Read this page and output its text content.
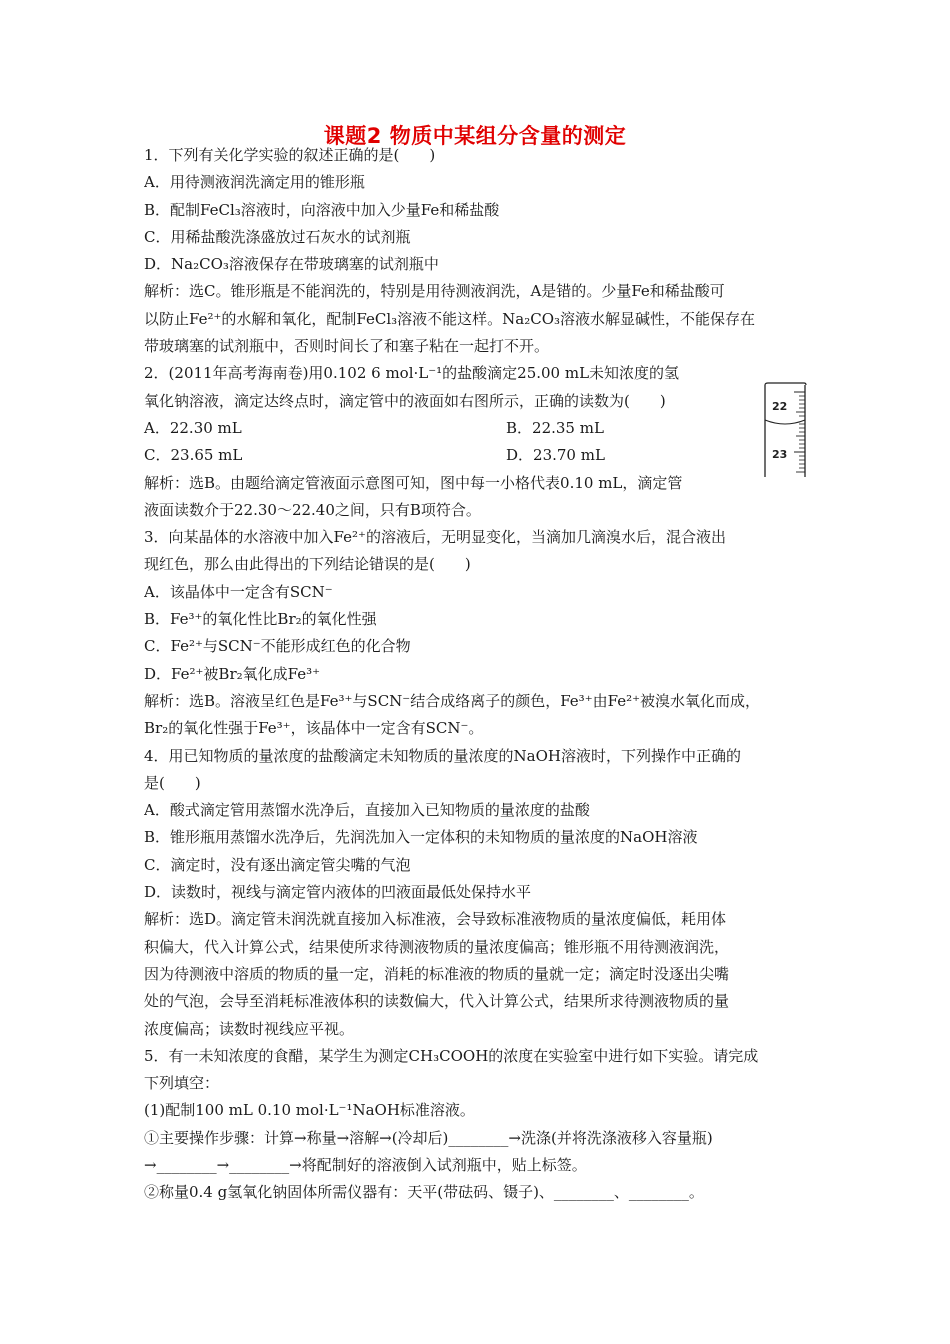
课题2 物质中某组分含量的测定
1．下列有关化学实验的叙述正确的是(　　)
A．用待测液润洗滴定用的锥形瓶
B．配制FeCl₃溶液时，向溶液中加入少量Fe和稀盐酸
C．用稀盐酸洗涤盛放过石灰水的试剂瓶
D．Na₂CO₃溶液保存在带玻璃塞的试剂瓶中
解析：选C。锥形瓶是不能润洗的，特别是用待测液润洗，A是错的。少量Fe和稀盐酸可
以防止Fe²⁺的水解和氧化，配制FeCl₃溶液不能这样。Na₂CO₃溶液水解显碱性，不能保存在
带玻璃塞的试剂瓶中，否则时间长了和塞子粘在一起打不开。
2．(2011年高考海南卷)用0.102 6 mol·L⁻¹的盐酸滴定25.00 mL未知浓度的氢
氧化钠溶液，滴定达终点时，滴定管中的液面如右图所示，正确的读数为(　　)
A．22.30 mL	B．22.35 mL
C．23.65 mL	D．23.70 mL
解析：选B。由题给滴定管液面示意图可知，图中每一小格代表0.10 mL，滴定管
液面读数介于22.30～22.40之间，只有B项符合。
3．向某晶体的水溶液中加入Fe²⁺的溶液后，无明显变化，当滴加几滴溴水后，混合液出
现红色，那么由此得出的下列结论错误的是(　　)
A．该晶体中一定含有SCN⁻
B．Fe³⁺的氧化性比Br₂的氧化性强
C．Fe²⁺与SCN⁻不能形成红色的化合物
D．Fe²⁺被Br₂氧化成Fe³⁺
解析：选B。溶液呈红色是Fe³⁺与SCN⁻结合成络离子的颜色，Fe³⁺由Fe²⁺被溴水氧化而成，
Br₂的氧化性强于Fe³⁺，该晶体中一定含有SCN⁻。
4．用已知物质的量浓度的盐酸滴定未知物质的量浓度的NaOH溶液时，下列操作中正确的
是(　　)
A．酸式滴定管用蒸馏水洗净后，直接加入已知物质的量浓度的盐酸
B．锥形瓶用蒸馏水洗净后，先润洗加入一定体积的未知物质的量浓度的NaOH溶液
C．滴定时，没有逐出滴定管尖嘴的气泡
D．读数时，视线与滴定管内液体的凹液面最低处保持水平
解析：选D。滴定管未润洗就直接加入标准液，会导致标准液物质的量浓度偏低，耗用体
积偏大，代入计算公式，结果使所求待测液物质的量浓度偏高；锥形瓶不用待测液润洗，
因为待测液中溶质的物质的量一定，消耗的标准液的物质的量就一定；滴定时没逐出尖嘴
处的气泡，会导至消耗标准液体积的读数偏大，代入计算公式，结果所求待测液物质的量
浓度偏高；读数时视线应平视。
5．有一未知浓度的食醋，某学生为测定CH₃COOH的浓度在实验室中进行如下实验。请完成
下列填空：
(1)配制100 mL 0.10 mol·L⁻¹NaOH标准溶液。
①主要操作步骤：计算→称量→溶解→(冷却后)________→洗涤(并将洗涤液移入容量瓶)
→________→________→将配制好的溶液倒入试剂瓶中，贴上标签。
②称量0.4 g氢氧化钠固体所需仪器有：天平(带砝码、镊子)、________、________。
22
23
